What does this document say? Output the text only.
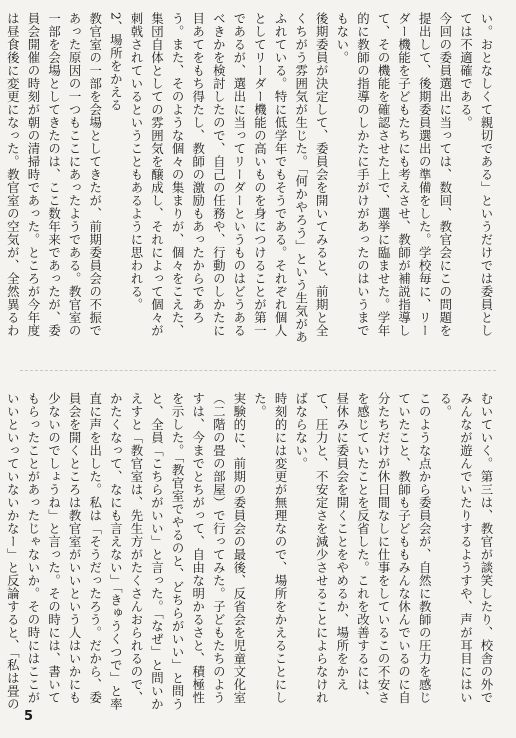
い。おとなしくて親切である」というだけでは委員としては不適確である。

今回の委員選出に当っては、数回、教官会にこの問題を提出して、後期委員選出の準備をした。学校毎に、リーダー機能を子どもたちにも考えさせ、教師が補説指導して、その機能を確認させた上で、選挙に臨ませた。学年的に教師の指導のしかたに手がけがあったのはいうまでもない。

後期委員が決定して、委員会を開いてみると、前期と全くちがう雰囲気が生じた。「何かやろう」という生気があふれている。特に低学年でもそうである。それぞれ個人としてリーダー機能の高いものを身につけることが第一であるが、選出に当ってリーダーというものはどうあるべきかを検討したので、自己の任務や、行動のしかたに目あてをもち得たし、教師の激励もあったからであろう。また、そのような個々の集まりが、個々をこえた、集団自体としての雰囲気を醸成し、それによって個々が刺戟されているということもあるように思われる。

2、場所をかえる

教官室の一部を会場としてきたが、前期委員会の不振であった原因の一つもここにあったようである。教官室の一部を会場としてきたのは、ここ数年来であったが、委員会開催の時刻が朝の清掃時であった。ところが今年度は昼食後に変更になった。教官室の空気が、全然異るわ

むいていく。第三は、教官が談笑したり、校舎の外でみんなが遊んでいたりするようすや、声が耳目にはいる。

このような点から委員会が、自然に教師の圧力を感じていたこと、教師も子どももみんな休んでいるのに自分たちだけが休日間なしに仕事をしているこの不安さを感じていたことを反省した。これを改善するには、昼休みに委員会を開くことをやめるか、場所をかえて、圧力と、不安定さを減少させることによらなければならない。

時刻的には変更が無理なので、場所をかえることにした。

実験的に、前期の委員会の最後、反省会を児童文化室（二階の畳の部屋）で行ってみた。子どもたちのようすは、今までとちがって、自由な明かるさと、積極性を示した。「教官室でやるのと、どちらがいい」と問うと、全員「こちらがいい」と言った。「なぜ」と問いかえすと「教官室は、先生方がたくさんおられるので、かたくなって、なにも言えない」「きゅうくつで」と率直に声を出した。私は「そうだったろう。だから、委員会を開くところは教官室がいいという人はいかにも少ないのでしょうね」と言った。その時には、書いてもらったことがあったじゃないか。その時にはここがいいといっていないかなー」と反論すると、「私は畳の

5
